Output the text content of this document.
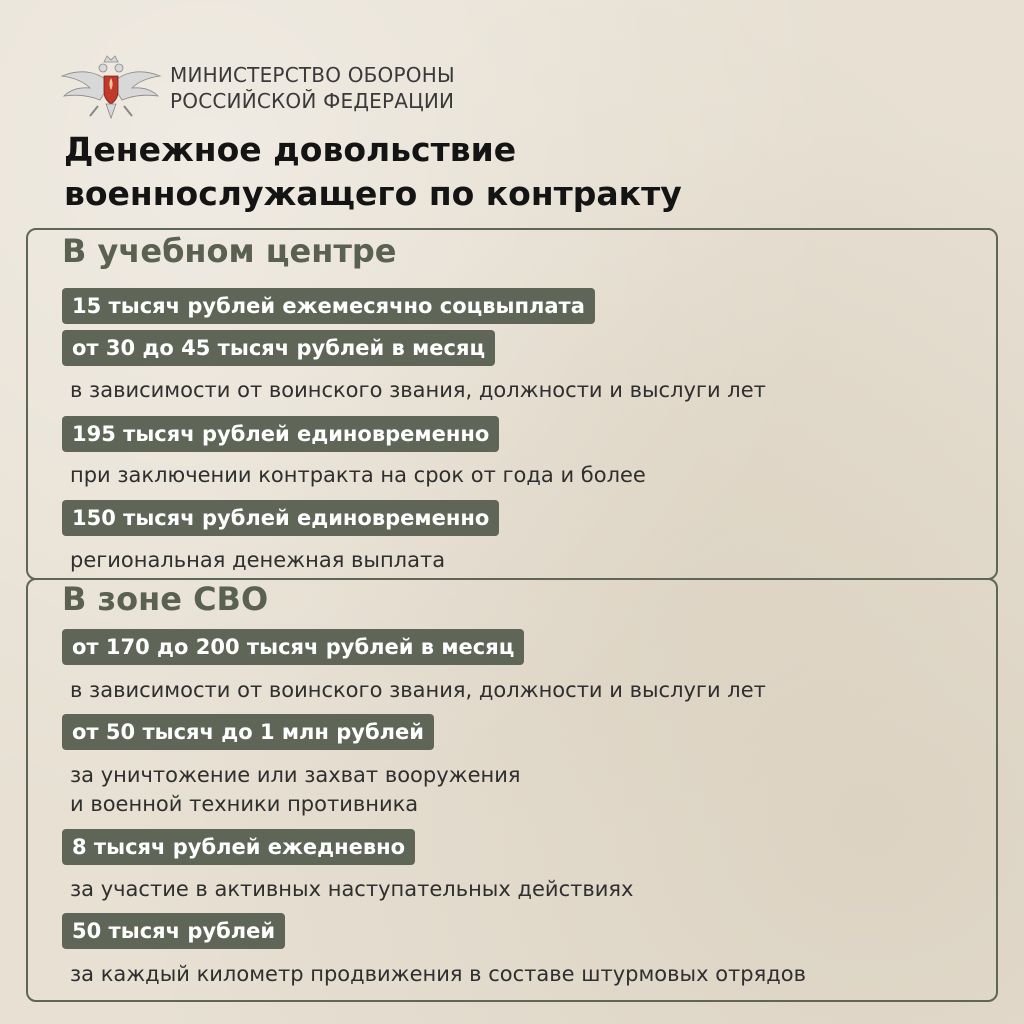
МИНИСТЕРСТВО ОБОРОНЫ
РОССИЙСКОЙ ФЕДЕРАЦИИ
Денежное довольствие
военнослужащего по контракту
В учебном центре
15 тысяч рублей ежемесячно соцвыплата
от 30 до 45 тысяч рублей в месяц
в зависимости от воинского звания, должности и выслуги лет
195 тысяч рублей единовременно
при заключении контракта на срок от года и более
150 тысяч рублей единовременно
региональная денежная выплата
В зоне СВО
от 170 до 200 тысяч рублей в месяц
в зависимости от воинского звания, должности и выслуги лет
от 50 тысяч до 1 млн рублей
за уничтожение или захват вооружения
и военной техники противника
8 тысяч рублей ежедневно
за участие в активных наступательных действиях
50 тысяч рублей
за каждый километр продвижения в составе штурмовых отрядов
